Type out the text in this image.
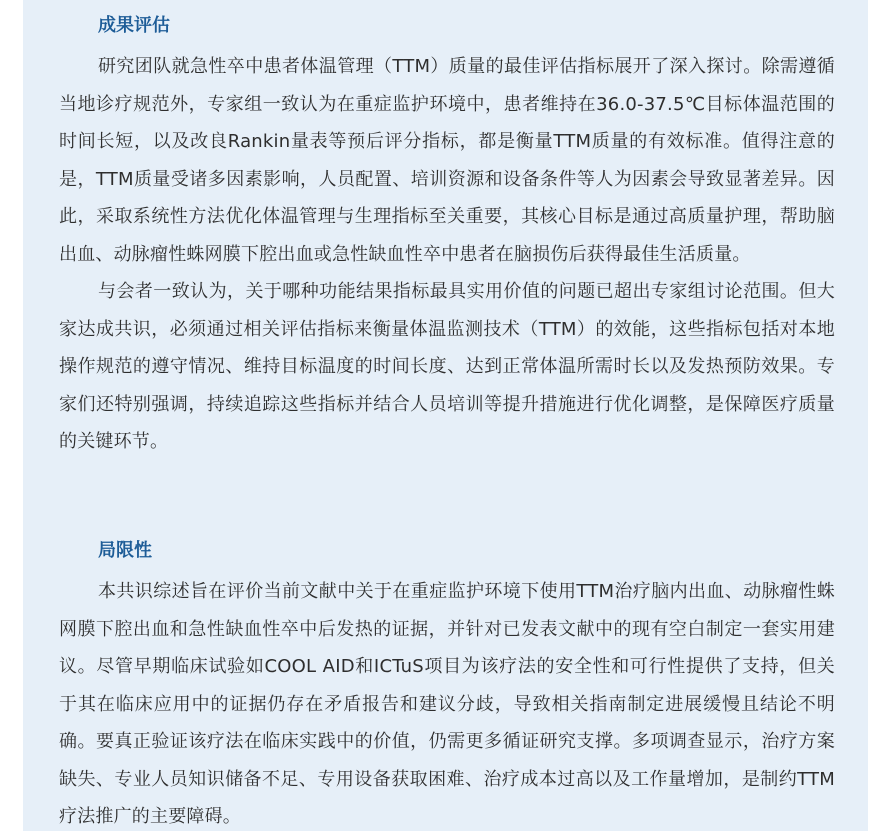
成果评估

研究团队就急性卒中患者体温管理（TTM）质量的最佳评估指标展开了深入探讨。除需遵循当地诊疗规范外，专家组一致认为在重症监护环境中，患者维持在36.0-37.5℃目标体温范围的时间长短，以及改良Rankin量表等预后评分指标，都是衡量TTM质量的有效标准。值得注意的是，TTM质量受诸多因素影响，人员配置、培训资源和设备条件等人为因素会导致显著差异。因此，采取系统性方法优化体温管理与生理指标至关重要，其核心目标是通过高质量护理，帮助脑出血、动脉瘤性蛛网膜下腔出血或急性缺血性卒中患者在脑损伤后获得最佳生活质量。

与会者一致认为，关于哪种功能结果指标最具实用价值的问题已超出专家组讨论范围。但大家达成共识，必须通过相关评估指标来衡量体温监测技术（TTM）的效能，这些指标包括对本地操作规范的遵守情况、维持目标温度的时间长度、达到正常体温所需时长以及发热预防效果。专家们还特别强调，持续追踪这些指标并结合人员培训等提升措施进行优化调整，是保障医疗质量的关键环节。

局限性

本共识综述旨在评价当前文献中关于在重症监护环境下使用TTM治疗脑内出血、动脉瘤性蛛网膜下腔出血和急性缺血性卒中后发热的证据，并针对已发表文献中的现有空白制定一套实用建议。尽管早期临床试验如COOL AID和ICTuS项目为该疗法的安全性和可行性提供了支持，但关于其在临床应用中的证据仍存在矛盾报告和建议分歧，导致相关指南制定进展缓慢且结论不明确。要真正验证该疗法在临床实践中的价值，仍需更多循证研究支撑。多项调查显示，治疗方案缺失、专业人员知识储备不足、专用设备获取困难、治疗成本过高以及工作量增加，是制约TTM疗法推广的主要障碍。
